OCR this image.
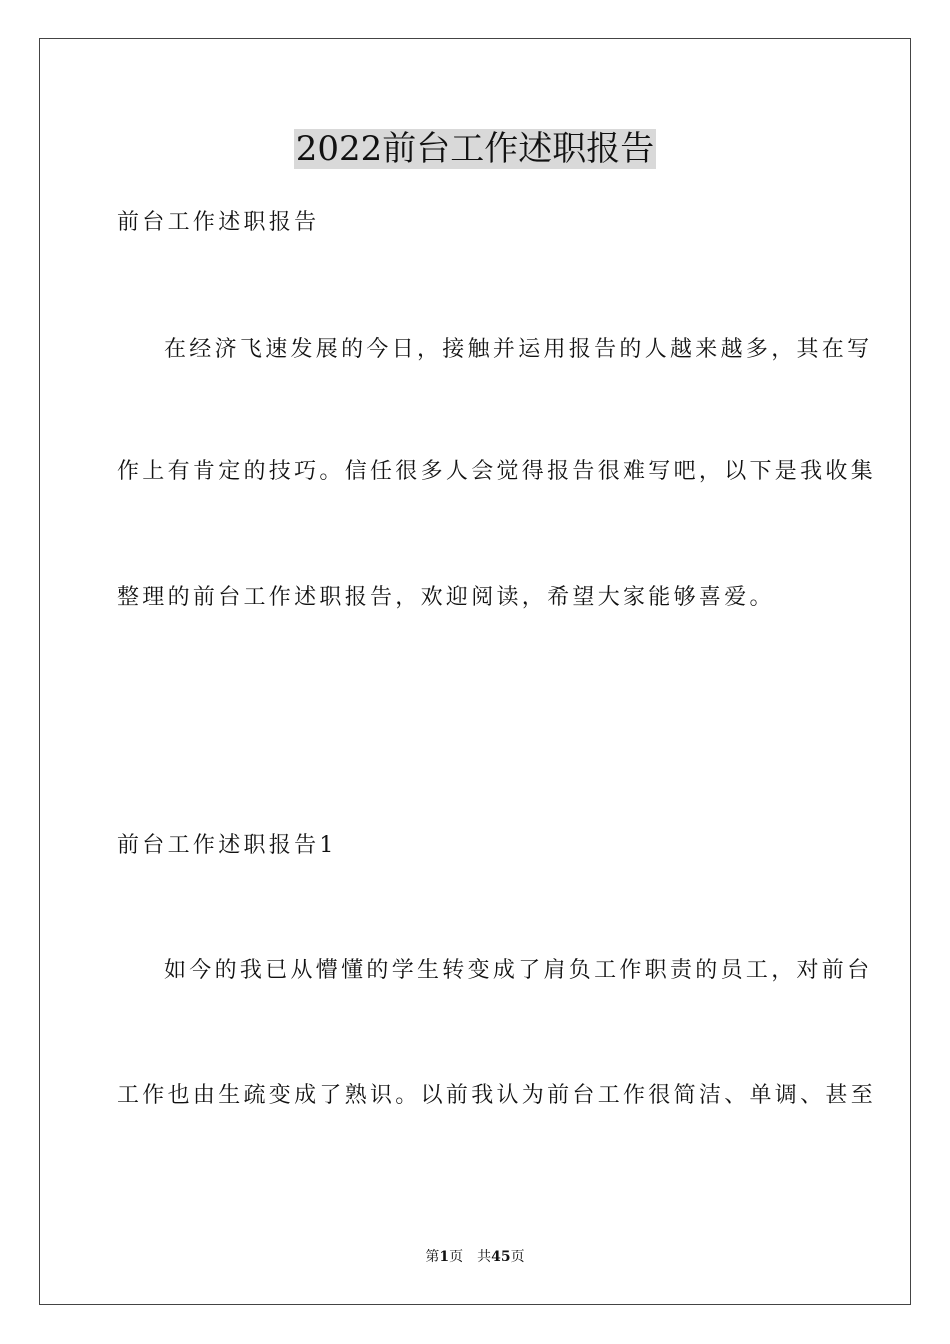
2022前台工作述职报告
前台工作述职报告
在经济飞速发展的今日，接触并运用报告的人越来越多，其在写
作上有肯定的技巧。信任很多人会觉得报告很难写吧，以下是我收集
整理的前台工作述职报告，欢迎阅读，希望大家能够喜爱。
前台工作述职报告1
如今的我已从懵懂的学生转变成了肩负工作职责的员工，对前台
工作也由生疏变成了熟识。以前我认为前台工作很简洁、单调、甚至
第1页 共45页
